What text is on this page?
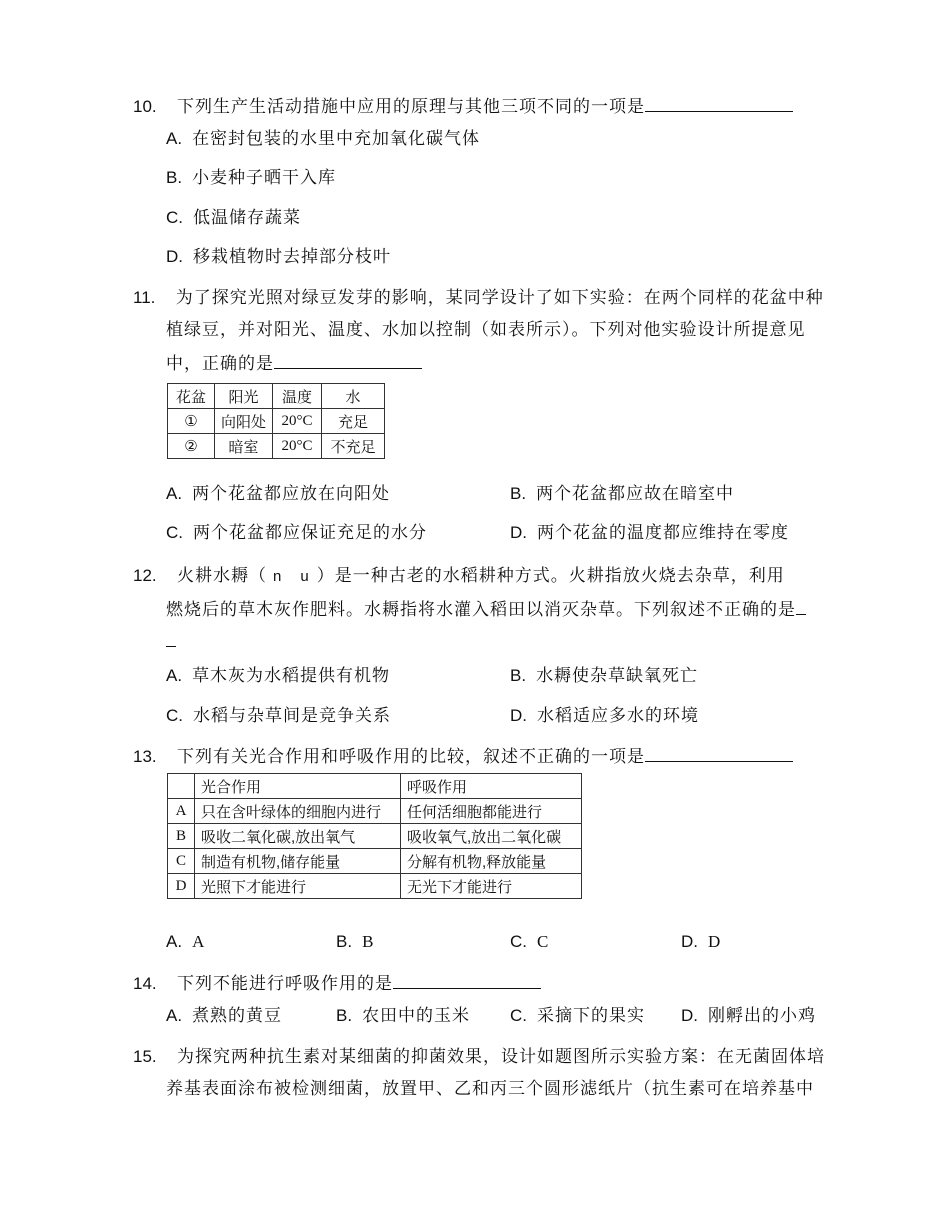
10. 下列生产生活动措施中应用的原理与其他三项不同的一项是
A. 在密封包装的水里中充加氧化碳气体
B. 小麦种子晒干入库
C. 低温储存蔬菜
D. 移栽植物时去掉部分枝叶
11. 为了探究光照对绿豆发芽的影响，某同学设计了如下实验：在两个同样的花盆中种
植绿豆，并对阳光、温度、水加以控制（如表所示）。下列对他实验设计所提意见
中，正确的是
花盆	阳光	温度	水
①	向阳处	20°C	充足
②	暗室	20°C	不充足
A. 两个花盆都应放在向阳处	B. 两个花盆都应故在暗室中
C. 两个花盆都应保证充足的水分	D. 两个花盆的温度都应维持在零度
12. 火耕水耨（ n　u ）是一种古老的水稻耕种方式。火耕指放火烧去杂草，利用
燃烧后的草木灰作肥料。水耨指将水灌入稻田以消灭杂草。下列叙述不正确的是
A. 草木灰为水稻提供有机物	B. 水耨使杂草缺氧死亡
C. 水稻与杂草间是竞争关系	D. 水稻适应多水的环境
13. 下列有关光合作用和呼吸作用的比较，叙述不正确的一项是
	光合作用	呼吸作用
A	只在含叶绿体的细胞内进行	任何活细胞都能进行
B	吸收二氧化碳,放出氧气	吸收氧气,放出二氧化碳
C	制造有机物,储存能量	分解有机物,释放能量
D	光照下才能进行	无光下才能进行
A. A	B. B	C. C	D. D
14. 下列不能进行呼吸作用的是
A. 煮熟的黄豆	B. 农田中的玉米 C. 采摘下的果实 D. 刚孵出的小鸡
15. 为探究两种抗生素对某细菌的抑菌效果，设计如题图所示实验方案：在无菌固体培
养基表面涂布被检测细菌，放置甲、乙和丙三个圆形滤纸片（抗生素可在培养基中
